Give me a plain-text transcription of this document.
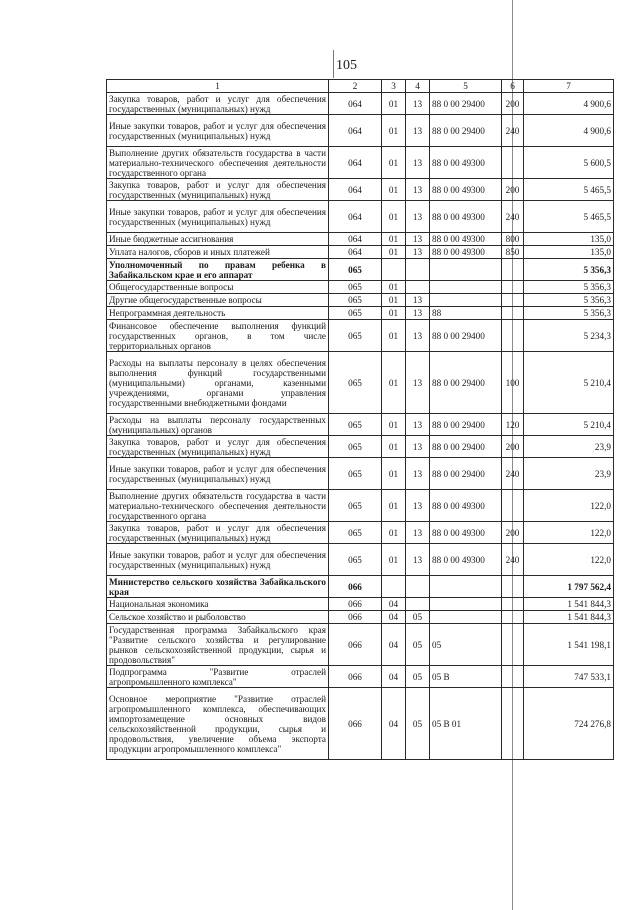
105
1	2	3	4	5	6	7
Закупка товаров, работ и услуг для обеспечения государственных (муниципальных) нужд	064	01	13	88 0 00 29400	200	4 900,6
Иные закупки товаров, работ и услуг для обеспечения государственных (муниципальных) нужд	064	01	13	88 0 00 29400	240	4 900,6
Выполнение других обязательств государства в части материально-технического обеспечения деятельности государственного органа	064	01	13	88 0 00 49300		5 600,5
Закупка товаров, работ и услуг для обеспечения государственных (муниципальных) нужд	064	01	13	88 0 00 49300	200	5 465,5
Иные закупки товаров, работ и услуг для обеспечения государственных (муниципальных) нужд	064	01	13	88 0 00 49300	240	5 465,5
Иные бюджетные ассигнования	064	01	13	88 0 00 49300	800	135,0
Уплата налогов, сборов и иных платежей	064	01	13	88 0 00 49300	850	135,0
Уполномоченный по правам ребенка в Забайкальском крае и его аппарат	065					5 356,3
Общегосударственные вопросы	065	01				5 356,3
Другие общегосударственные вопросы	065	01	13			5 356,3
Непрограммная деятельность	065	01	13	88		5 356,3
Финансовое обеспечение выполнения функций государственных органов, в том числе территориальных органов	065	01	13	88 0 00 29400		5 234,3
Расходы на выплаты персоналу в целях обеспечения выполнения функций государственными (муниципальными) органами, казенными учреждениями, органами управления государственными внебюджетными фондами	065	01	13	88 0 00 29400	100	5 210,4
Расходы на выплаты персоналу государственных (муниципальных) органов	065	01	13	88 0 00 29400	120	5 210,4
Закупка товаров, работ и услуг для обеспечения государственных (муниципальных) нужд	065	01	13	88 0 00 29400	200	23,9
Иные закупки товаров, работ и услуг для обеспечения государственных (муниципальных) нужд	065	01	13	88 0 00 29400	240	23,9
Выполнение других обязательств государства в части материально-технического обеспечения деятельности государственного органа	065	01	13	88 0 00 49300		122,0
Закупка товаров, работ и услуг для обеспечения государственных (муниципальных) нужд	065	01	13	88 0 00 49300	200	122,0
Иные закупки товаров, работ и услуг для обеспечения государственных (муниципальных) нужд	065	01	13	88 0 00 49300	240	122,0
Министерство сельского хозяйства Забайкальского края	066					1 797 562,4
Национальная экономика	066	04				1 541 844,3
Сельское хозяйство и рыболовство	066	04	05			1 541 844,3
Государственная программа Забайкальского края "Развитие сельского хозяйства и регулирование рынков сельскохозяйственной продукции, сырья и продовольствия"	066	04	05	05		1 541 198,1
Подпрограмма "Развитие отраслей агропромышленного комплекса"	066	04	05	05 В		747 533,1
Основное мероприятие "Развитие отраслей агропромышленного комплекса, обеспечивающих импортозамещение основных видов сельскохозяйственной продукции, сырья и продовольствия, увеличение объема экспорта продукции агропромышленного комплекса"	066	04	05	05 В 01		724 276,8
